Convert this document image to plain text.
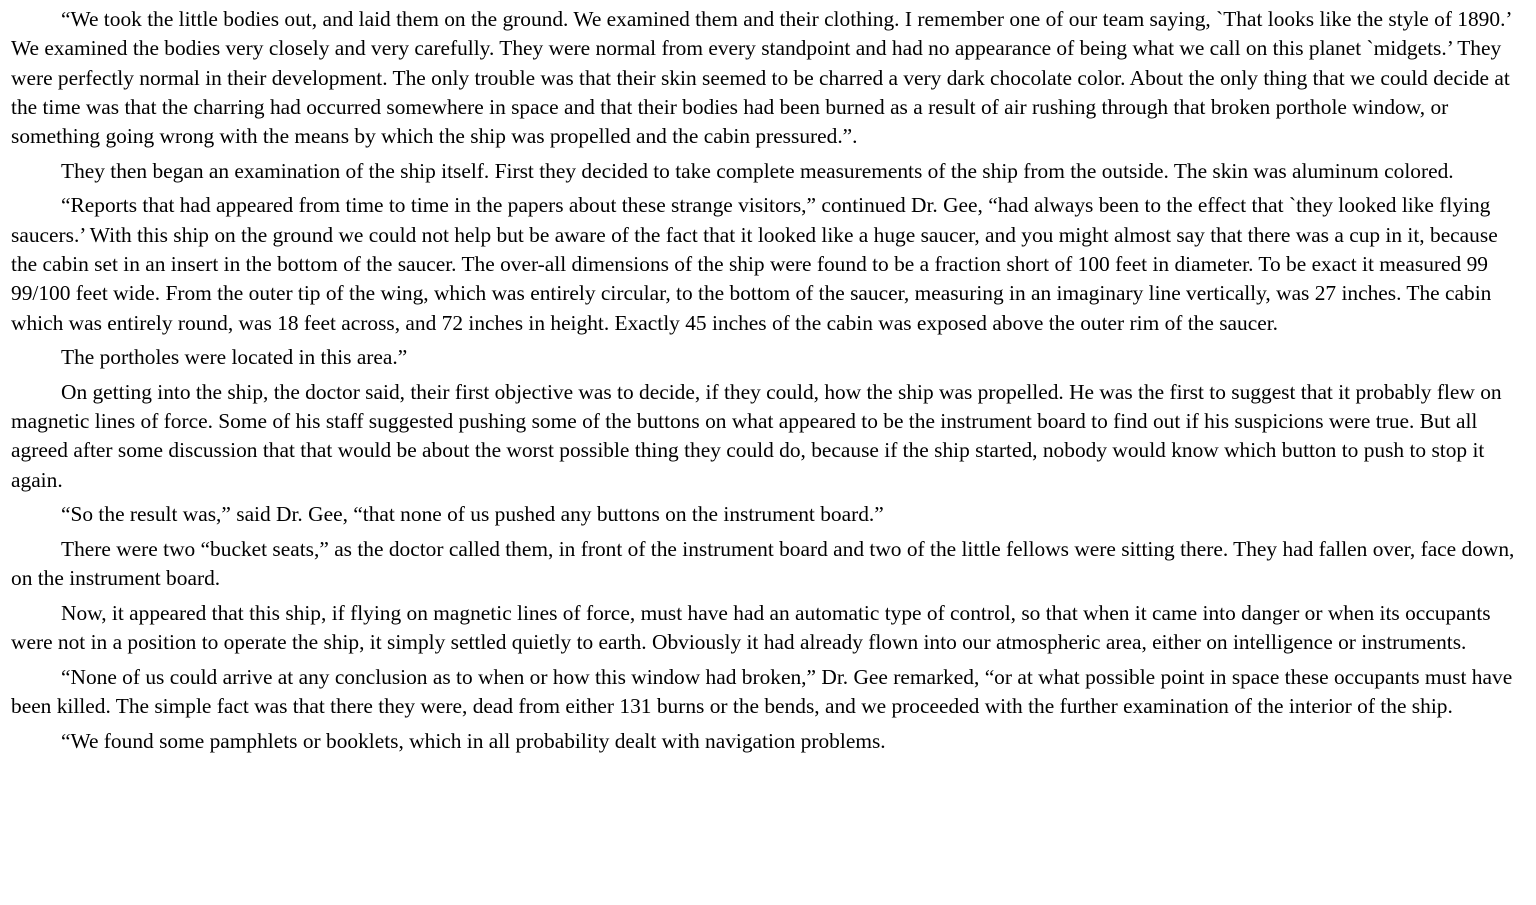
“We took the little bodies out, and laid them on the ground. We examined them and their clothing. I remember one of our team saying, `That looks like the style of 1890.’ We examined the bodies very closely and very carefully. They were normal from every standpoint and had no appearance of being what we call on this planet `midgets.’ They were perfectly normal in their development. The only trouble was that their skin seemed to be charred a very dark chocolate color. About the only thing that we could decide at the time was that the charring had occurred somewhere in space and that their bodies had been burned as a result of air rushing through that broken porthole window, or something going wrong with the means by which the ship was propelled and the cabin pressured.”.

They then began an examination of the ship itself. First they decided to take complete measurements of the ship from the outside. The skin was aluminum colored.

“Reports that had appeared from time to time in the papers about these strange visitors,” continued Dr. Gee, “had always been to the effect that `they looked like flying saucers.’ With this ship on the ground we could not help but be aware of the fact that it looked like a huge saucer, and you might almost say that there was a cup in it, because the cabin set in an insert in the bottom of the saucer. The over-all dimensions of the ship were found to be a fraction short of 100 feet in diameter. To be exact it measured 99 99/100 feet wide. From the outer tip of the wing, which was entirely circular, to the bottom of the saucer, measuring in an imaginary line vertically, was 27 inches. The cabin which was entirely round, was 18 feet across, and 72 inches in height. Exactly 45 inches of the cabin was exposed above the outer rim of the saucer.

The portholes were located in this area.”

On getting into the ship, the doctor said, their first objective was to decide, if they could, how the ship was propelled. He was the first to suggest that it probably flew on magnetic lines of force. Some of his staff suggested pushing some of the buttons on what appeared to be the instrument board to find out if his suspicions were true. But all agreed after some discussion that that would be about the worst possible thing they could do, because if the ship started, nobody would know which button to push to stop it again.

“So the result was,” said Dr. Gee, “that none of us pushed any buttons on the instrument board.”

There were two “bucket seats,” as the doctor called them, in front of the instrument board and two of the little fellows were sitting there. They had fallen over, face down, on the instrument board.

Now, it appeared that this ship, if flying on magnetic lines of force, must have had an automatic type of control, so that when it came into danger or when its occupants were not in a position to operate the ship, it simply settled quietly to earth. Obviously it had already flown into our atmospheric area, either on intelligence or instruments.

“None of us could arrive at any conclusion as to when or how this window had broken,” Dr. Gee remarked, “or at what possible point in space these occupants must have been killed. The simple fact was that there they were, dead from either 131 burns or the bends, and we proceeded with the further examination of the interior of the ship.

“We found some pamphlets or booklets, which in all probability dealt with navigation problems.
